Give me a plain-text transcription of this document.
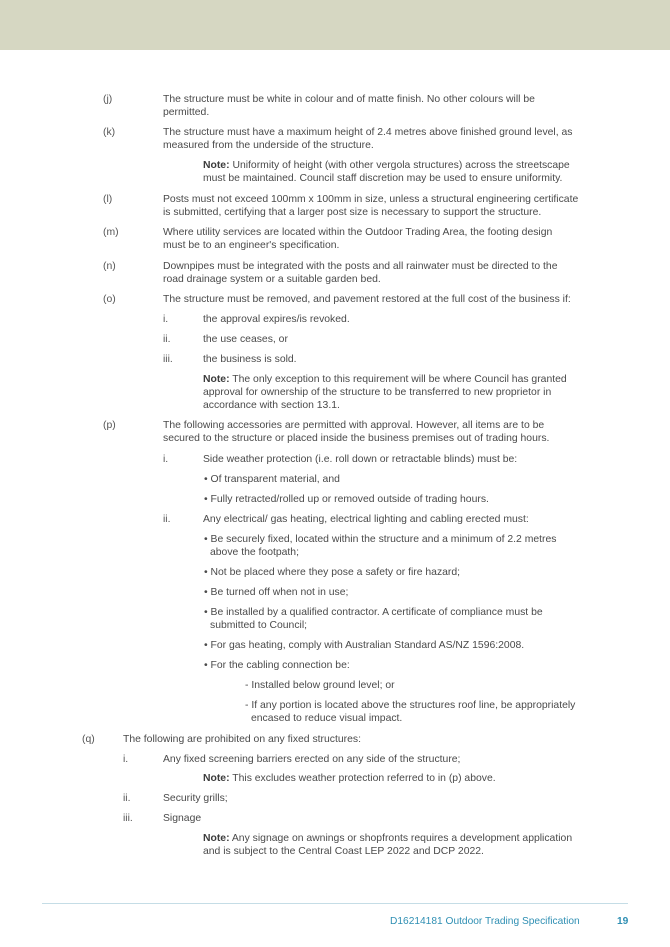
(j)	The structure must be white in colour and of matte finish. No other colours will be
permitted.
(k)	The structure must have a maximum height of 2.4 metres above finished ground level, as
measured from the underside of the structure.
Note: Uniformity of height (with other vergola structures) across the streetscape
must be maintained. Council staff discretion may be used to ensure uniformity.
(l)	Posts must not exceed 100mm x 100mm in size, unless a structural engineering certificate
is submitted, certifying that a larger post size is necessary to support the structure.
(m)	Where utility services are located within the Outdoor Trading Area, the footing design
must be to an engineer's specification.
(n)	Downpipes must be integrated with the posts and all rainwater must be directed to the
road drainage system or a suitable garden bed.
(o)	The structure must be removed, and pavement restored at the full cost of the business if:
i.	the approval expires/is revoked.
ii.	the use ceases, or
iii.	the business is sold.
Note: The only exception to this requirement will be where Council has granted
approval for ownership of the structure to be transferred to new proprietor in
accordance with section 13.1.
(p)	The following accessories are permitted with approval. However, all items are to be
secured to the structure or placed inside the business premises out of trading hours.
i.	Side weather protection (i.e. roll down or retractable blinds) must be:
• Of transparent material, and
• Fully retracted/rolled up or removed outside of trading hours.
ii.	Any electrical/ gas heating, electrical lighting and cabling erected must:
• Be securely fixed, located within the structure and a minimum of 2.2 metres
above the footpath;
• Not be placed where they pose a safety or fire hazard;
• Be turned off when not in use;
• Be installed by a qualified contractor. A certificate of compliance must be
submitted to Council;
• For gas heating, comply with Australian Standard AS/NZ 1596:2008.
• For the cabling connection be:
- Installed below ground level; or
- If any portion is located above the structures roof line, be appropriately
encased to reduce visual impact.
(q)	The following are prohibited on any fixed structures:
i.	Any fixed screening barriers erected on any side of the structure;
Note: This excludes weather protection referred to in (p) above.
ii.	Security grills;
iii.	Signage
Note: Any signage on awnings or shopfronts requires a development application
and is subject to the Central Coast LEP 2022 and DCP 2022.
D16214181 Outdoor Trading Specification	19
